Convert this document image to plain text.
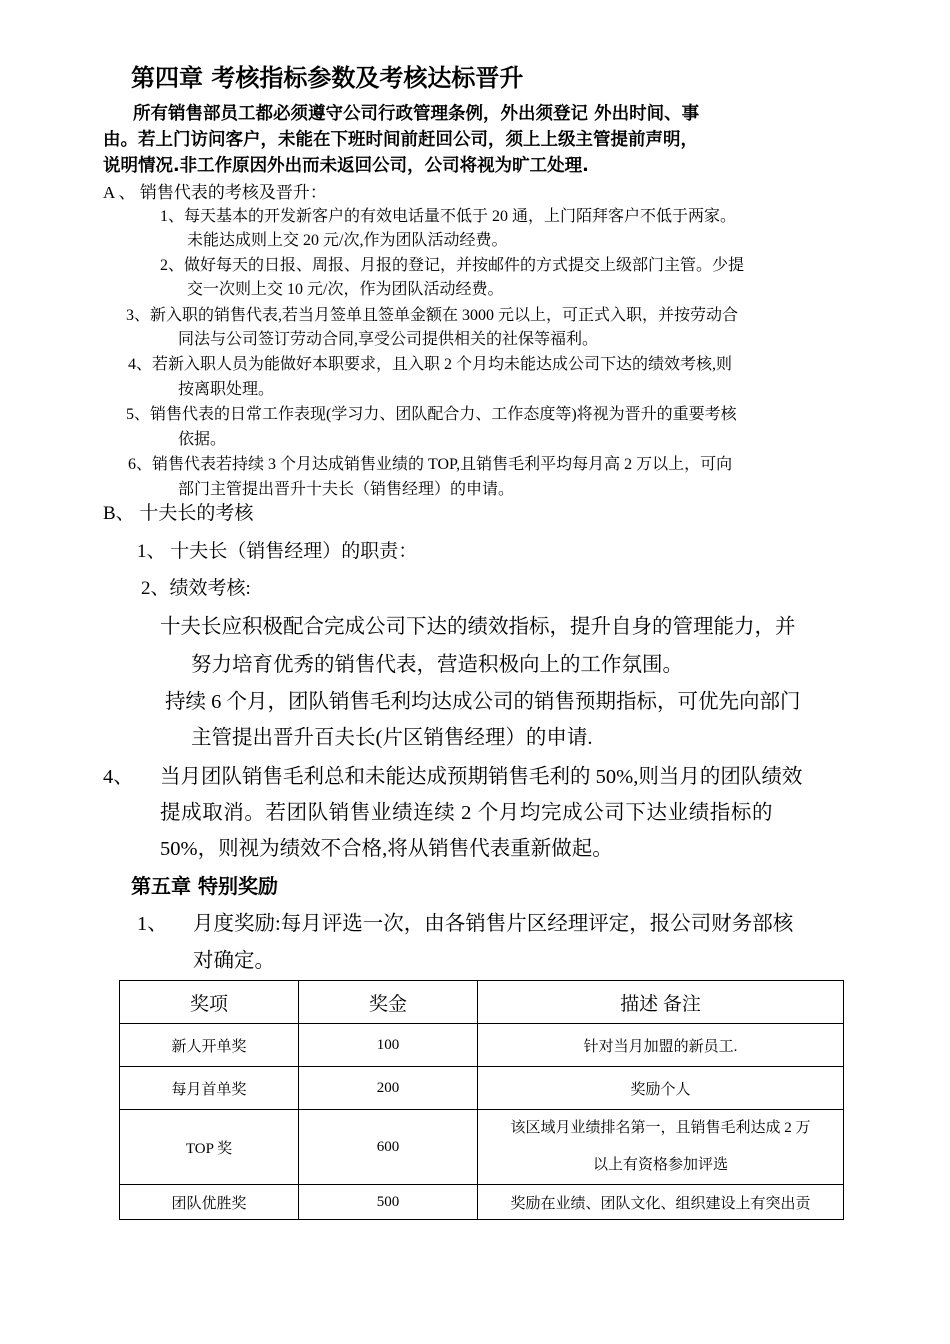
第四章 考核指标参数及考核达标晋升
所有销售部员工都必须遵守公司行政管理条例，外出须登记 外出时间、事
由。若上门访问客户，未能在下班时间前赶回公司，须上上级主管提前声明，
说明情况.非工作原因外出而未返回公司，公司将视为旷工处理.
A 、 销售代表的考核及晋升：
1、每天基本的开发新客户的有效电话量不低于 20 通，上门陌拜客户不低于两家。
未能达成则上交 20 元/次,作为团队活动经费。
2、做好每天的日报、周报、月报的登记，并按邮件的方式提交上级部门主管。少提
交一次则上交 10 元/次，作为团队活动经费。
3、新入职的销售代表,若当月签单且签单金额在 3000 元以上，可正式入职，并按劳动合
同法与公司签订劳动合同,享受公司提供相关的社保等福利。
4、若新入职人员为能做好本职要求，且入职 2 个月均未能达成公司下达的绩效考核,则
按离职处理。
5、销售代表的日常工作表现(学习力、团队配合力、工作态度等)将视为晋升的重要考核
依据。
6、销售代表若持续 3 个月达成销售业绩的 TOP,且销售毛利平均每月高 2 万以上，可向
部门主管提出晋升十夫长（销售经理）的申请。
B、 十夫长的考核
1、 十夫长（销售经理）的职责：
2、绩效考核:
十夫长应积极配合完成公司下达的绩效指标，提升自身的管理能力，并
努力培育优秀的销售代表，营造积极向上的工作氛围。
持续 6 个月，团队销售毛利均达成公司的销售预期指标，可优先向部门
主管提出晋升百夫长(片区销售经理）的申请.
4、 当月团队销售毛利总和未能达成预期销售毛利的 50%,则当月的团队绩效
提成取消。若团队销售业绩连续 2 个月均完成公司下达业绩指标的
50%，则视为绩效不合格,将从销售代表重新做起。
第五章 特别奖励
1、 月度奖励:每月评选一次，由各销售片区经理评定，报公司财务部核
对确定。
奖项	奖金	描述 备注
新人开单奖	100	针对当月加盟的新员工.
每月首单奖	200	奖励个人
TOP 奖	600	该区域月业绩排名第一，且销售毛利达成 2 万
以上有资格参加评选

团队优胜奖	500	奖励在业绩、团队文化、组织建设上有突出贡
